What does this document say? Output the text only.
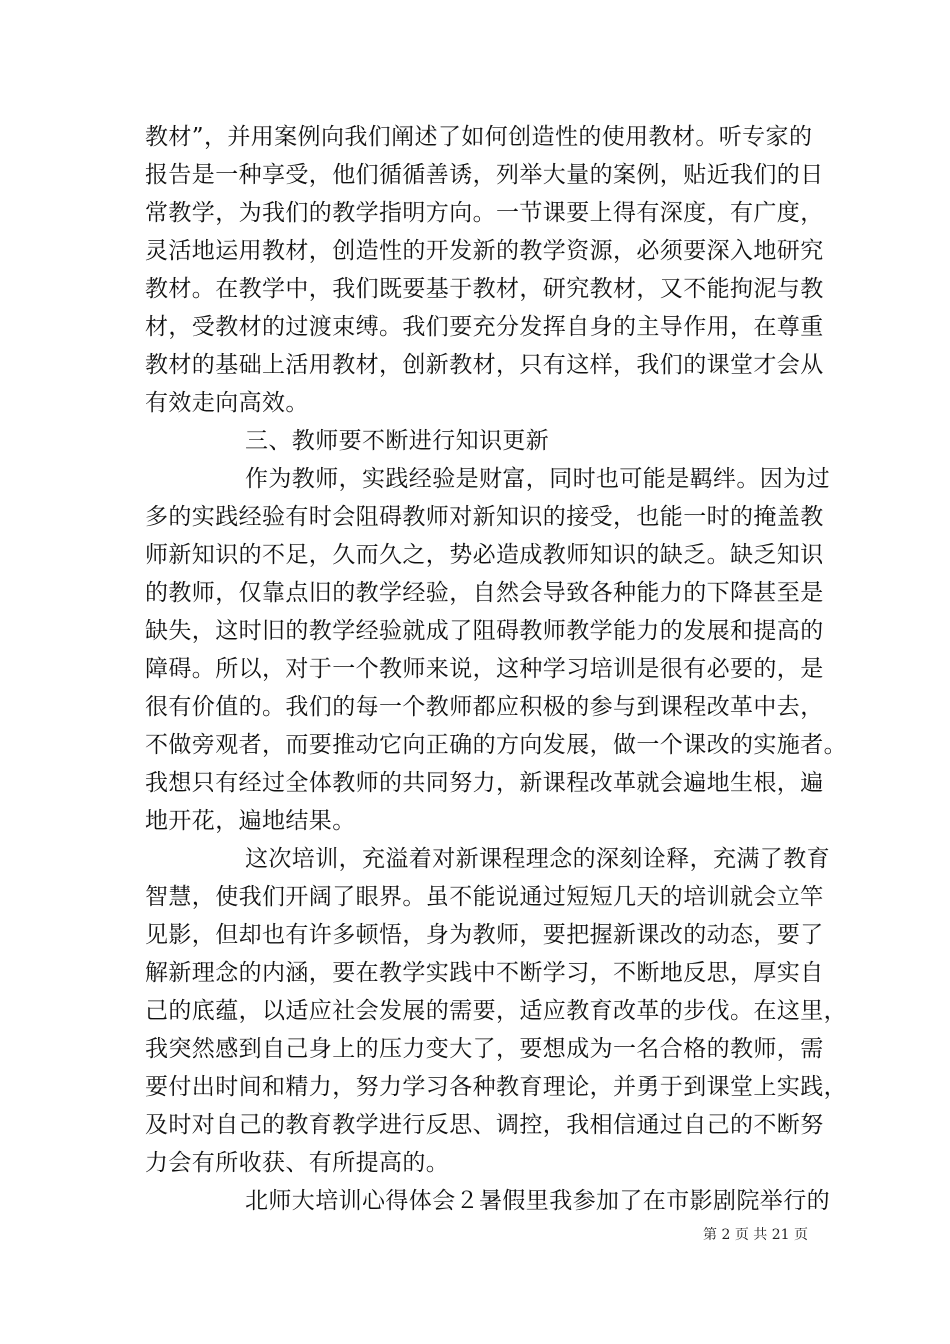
教材”，并用案例向我们阐述了如何创造性的使用教材。听专家的
报告是一种享受，他们循循善诱，列举大量的案例，贴近我们的日
常教学，为我们的教学指明方向。一节课要上得有深度，有广度，
灵活地运用教材，创造性的开发新的教学资源，必须要深入地研究
教材。在教学中，我们既要基于教材，研究教材，又不能拘泥与教
材，受教材的过渡束缚。我们要充分发挥自身的主导作用，在尊重
教材的基础上活用教材，创新教材，只有这样，我们的课堂才会从
有效走向高效。
三、教师要不断进行知识更新
作为教师，实践经验是财富，同时也可能是羁绊。因为过
多的实践经验有时会阻碍教师对新知识的接受，也能一时的掩盖教
师新知识的不足，久而久之，势必造成教师知识的缺乏。缺乏知识
的教师，仅靠点旧的教学经验，自然会导致各种能力的下降甚至是
缺失，这时旧的教学经验就成了阻碍教师教学能力的发展和提高的
障碍。所以，对于一个教师来说，这种学习培训是很有必要的，是
很有价值的。我们的每一个教师都应积极的参与到课程改革中去，
不做旁观者，而要推动它向正确的方向发展，做一个课改的实施者。
我想只有经过全体教师的共同努力，新课程改革就会遍地生根，遍
地开花，遍地结果。
这次培训，充溢着对新课程理念的深刻诠释，充满了教育
智慧，使我们开阔了眼界。虽不能说通过短短几天的培训就会立竿
见影，但却也有许多顿悟，身为教师，要把握新课改的动态，要了
解新理念的内涵，要在教学实践中不断学习，不断地反思，厚实自
己的底蕴，以适应社会发展的需要，适应教育改革的步伐。在这里，
我突然感到自己身上的压力变大了，要想成为一名合格的教师，需
要付出时间和精力，努力学习各种教育理论，并勇于到课堂上实践，
及时对自己的教育教学进行反思、调控，我相信通过自己的不断努
力会有所收获、有所提高的。
北师大培训心得体会２暑假里我参加了在市影剧院举行的
第 2 页 共 21 页
